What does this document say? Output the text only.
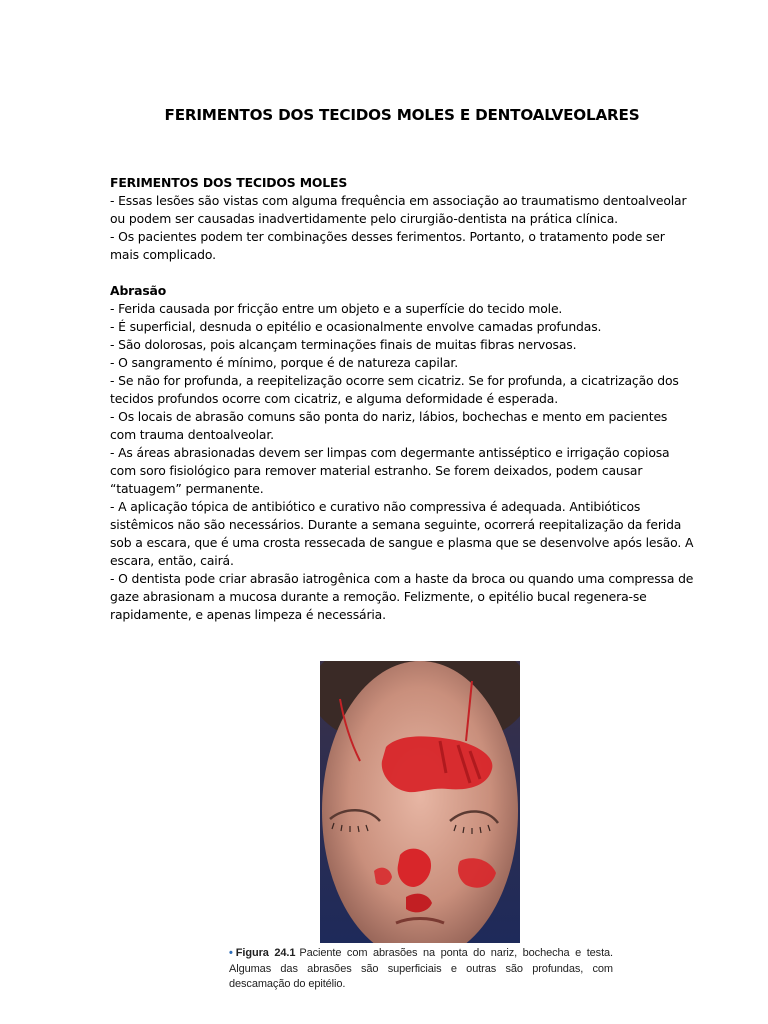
FERIMENTOS DOS TECIDOS MOLES E DENTOALVEOLARES

FERIMENTOS DOS TECIDOS MOLES

- Essas lesões são vistas com alguma frequência em associação ao traumatismo dentoalveolar ou podem ser causadas inadvertidamente pelo cirurgião-dentista na prática clínica.

- Os pacientes podem ter combinações desses ferimentos. Portanto, o tratamento pode ser mais complicado.

Abrasão

- Ferida causada por fricção entre um objeto e a superfície do tecido mole.

- É superficial, desnuda o epitélio e ocasionalmente envolve camadas profundas.

- São dolorosas, pois alcançam terminações finais de muitas fibras nervosas.

- O sangramento é mínimo, porque é de natureza capilar.

- Se não for profunda, a reepitelização ocorre sem cicatriz. Se for profunda, a cicatrização dos tecidos profundos ocorre com cicatriz, e alguma deformidade é esperada.

- Os locais de abrasão comuns são ponta do nariz, lábios, bochechas e mento em pacientes com trauma dentoalveolar.

- As áreas abrasionadas devem ser limpas com degermante antisséptico e irrigação copiosa com soro fisiológico para remover material estranho. Se forem deixados, podem causar “tatuagem” permanente.

- A aplicação tópica de antibiótico e curativo não compressiva é adequada. Antibióticos sistêmicos não são necessários. Durante a semana seguinte, ocorrerá reepitalização da ferida sob a escara, que é uma crosta ressecada de sangue e plasma que se desenvolve após lesão. A escara, então, cairá.

- O dentista pode criar abrasão iatrogênica com a haste da broca ou quando uma compressa de gaze abrasionam a mucosa durante a remoção. Felizmente, o epitélio bucal regenera-se rapidamente, e apenas limpeza é necessária.

• Figura 24.1 Paciente com abrasões na ponta do nariz, bochecha e testa. Algumas das abrasões são superficiais e outras são profundas, com descamação do epitélio.
